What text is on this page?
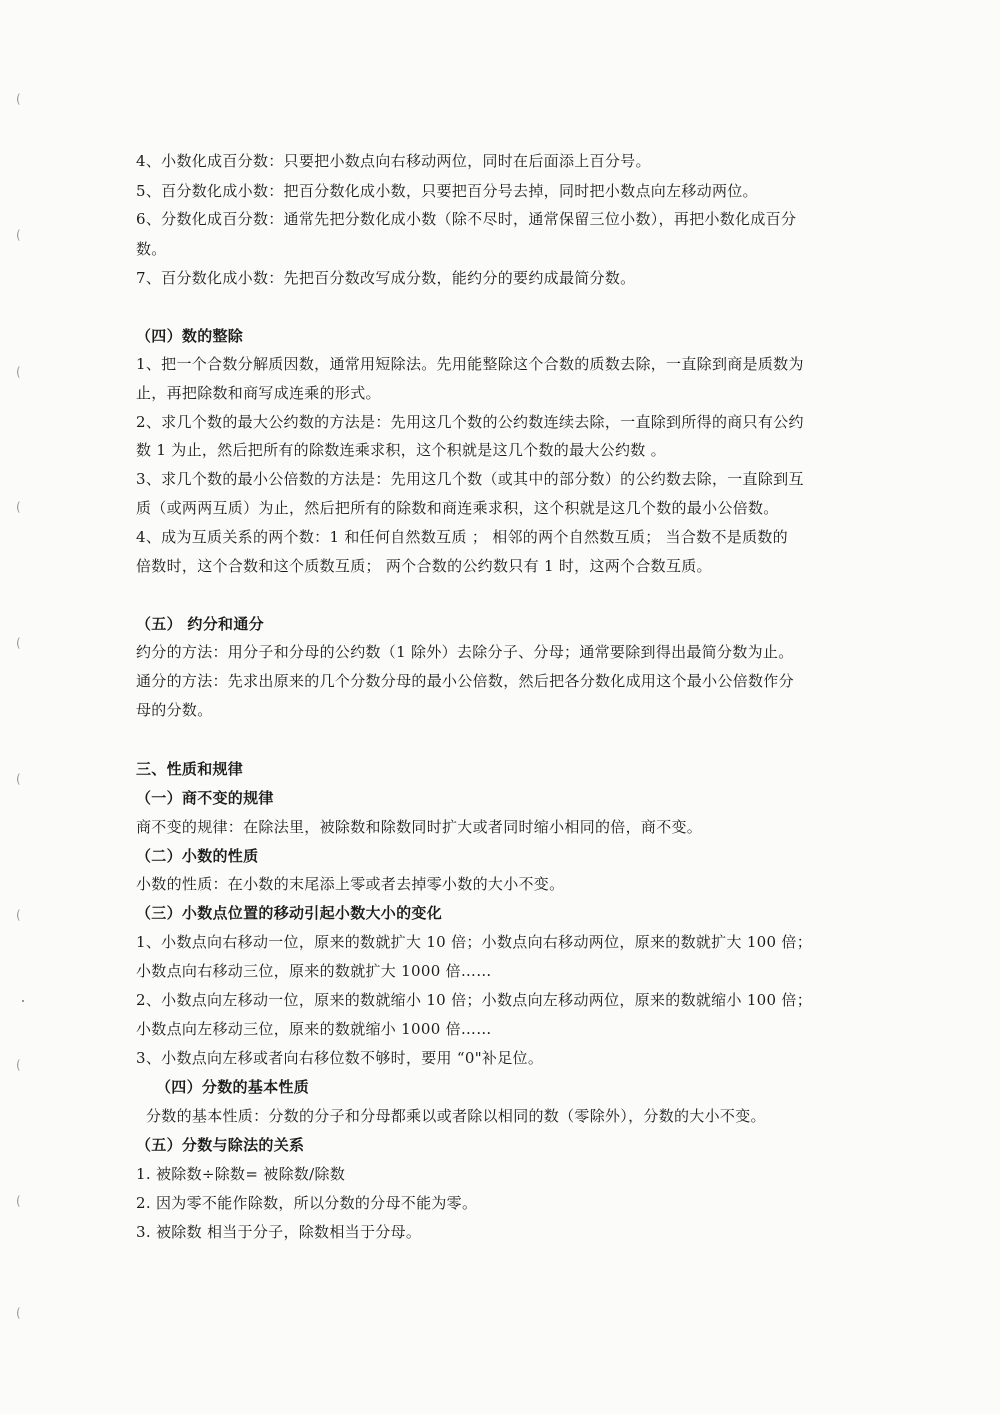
(
(
(
(
(
(
(
(
(
(
4、小数化成百分数：只要把小数点向右移动两位，同时在后面添上百分号。
5、百分数化成小数：把百分数化成小数，只要把百分号去掉，同时把小数点向左移动两位。
6、分数化成百分数：通常先把分数化成小数（除不尽时，通常保留三位小数），再把小数化成百分
数。
7、百分数化成小数：先把百分数改写成分数，能约分的要约成最简分数。
（四）数的整除
1、把一个合数分解质因数，通常用短除法。先用能整除这个合数的质数去除，一直除到商是质数为
止，再把除数和商写成连乘的形式。
2、求几个数的最大公约数的方法是：先用这几个数的公约数连续去除，一直除到所得的商只有公约
数 1 为止，然后把所有的除数连乘求积，这个积就是这几个数的最大公约数 。
3、求几个数的最小公倍数的方法是：先用这几个数（或其中的部分数）的公约数去除，一直除到互
质（或两两互质）为止，然后把所有的除数和商连乘求积，这个积就是这几个数的最小公倍数。
4、成为互质关系的两个数：1 和任何自然数互质 ； 相邻的两个自然数互质； 当合数不是质数的
倍数时，这个合数和这个质数互质； 两个合数的公约数只有 1 时，这两个合数互质。
（五） 约分和通分
约分的方法：用分子和分母的公约数（1 除外）去除分子、分母；通常要除到得出最简分数为止。
通分的方法：先求出原来的几个分数分母的最小公倍数，然后把各分数化成用这个最小公倍数作分
母的分数。
三、性质和规律
（一）商不变的规律
商不变的规律：在除法里，被除数和除数同时扩大或者同时缩小相同的倍，商不变。
（二）小数的性质
小数的性质：在小数的末尾添上零或者去掉零小数的大小不变。
（三）小数点位置的移动引起小数大小的变化
1、小数点向右移动一位，原来的数就扩大 10 倍；小数点向右移动两位，原来的数就扩大 100 倍；
小数点向右移动三位，原来的数就扩大 1000 倍……
2、小数点向左移动一位，原来的数就缩小 10 倍；小数点向左移动两位，原来的数就缩小 100 倍；
小数点向左移动三位，原来的数就缩小 1000 倍……
3、小数点向左移或者向右移位数不够时，要用 “0"补足位。
（四）分数的基本性质
分数的基本性质：分数的分子和分母都乘以或者除以相同的数（零除外），分数的大小不变。
（五）分数与除法的关系
1. 被除数÷除数= 被除数/除数
2. 因为零不能作除数，所以分数的分母不能为零。
3. 被除数 相当于分子，除数相当于分母。
